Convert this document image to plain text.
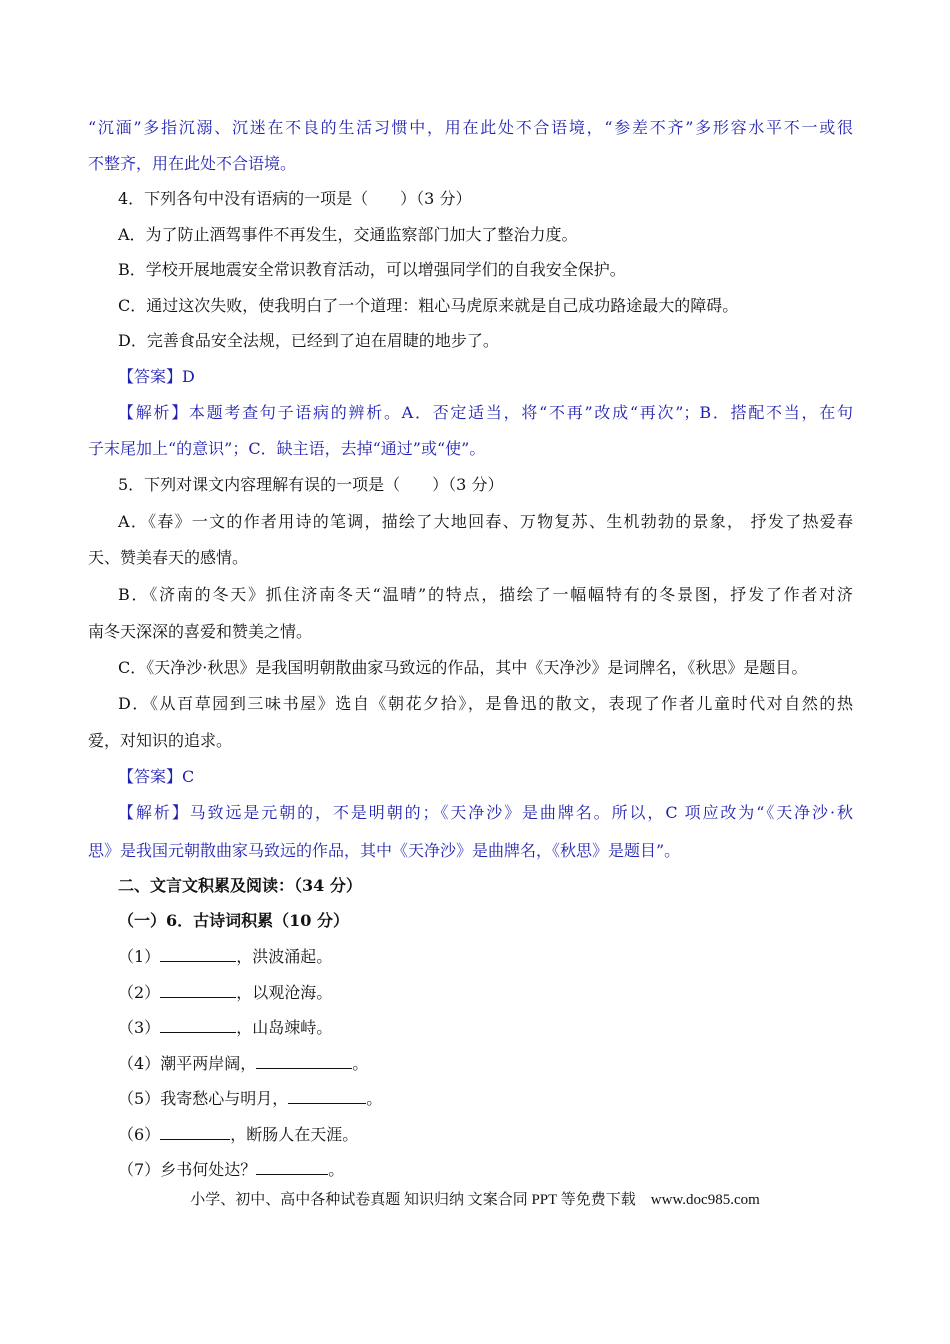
“沉湎”多指沉溺、沉迷在不良的生活习惯中，用在此处不合语境，“参差不齐”多形容水平不一或很
不整齐，用在此处不合语境。
4．下列各句中没有语病的一项是（　　）（3 分）
A．为了防止酒驾事件不再发生，交通监察部门加大了整治力度。
B．学校开展地震安全常识教育活动，可以增强同学们的自我安全保护。
C．通过这次失败，使我明白了一个道理：粗心马虎原来就是自己成功路途最大的障碍。
D．完善食品安全法规，已经到了迫在眉睫的地步了。
【答案】D
【解析】本题考查句子语病的辨析。A．否定适当，将“不再”改成“再次”；B．搭配不当，在句
子末尾加上“的意识”；C．缺主语，去掉“通过”或“使”。
5．下列对课文内容理解有误的一项是（　　）（3 分）
A．《春》一文的作者用诗的笔调，描绘了大地回春、万物复苏、生机勃勃的景象， 抒发了热爱春
天、赞美春天的感情。
B．《济南的冬天》抓住济南冬天“温晴”的特点，描绘了一幅幅特有的冬景图，抒发了作者对济
南冬天深深的喜爱和赞美之情。
C．《天净沙·秋思》是我国明朝散曲家马致远的作品，其中《天净沙》是词牌名，《秋思》是题目。
D．《从百草园到三味书屋》选自《朝花夕拾》，是鲁迅的散文，表现了作者儿童时代对自然的热
爱，对知识的追求。
【答案】C
【解析】马致远是元朝的，不是明朝的；《天净沙》是曲牌名。所以，C 项应改为“《天净沙·秋
思》是我国元朝散曲家马致远的作品，其中《天净沙》是曲牌名，《秋思》是题目”。
二、文言文积累及阅读：（34 分）
（一）6．古诗词积累（10 分）
（1）	，洪波涌起。
（2）	，以观沧海。
（3）	，山岛竦峙。
（4）潮平两岸阔，	。
（5）我寄愁心与明月，	。
（6）	，断肠人在天涯。
（7）乡书何处达？	。
小学、初中、高中各种试卷真题 知识归纳 文案合同 PPT 等免费下载　www.doc985.com
